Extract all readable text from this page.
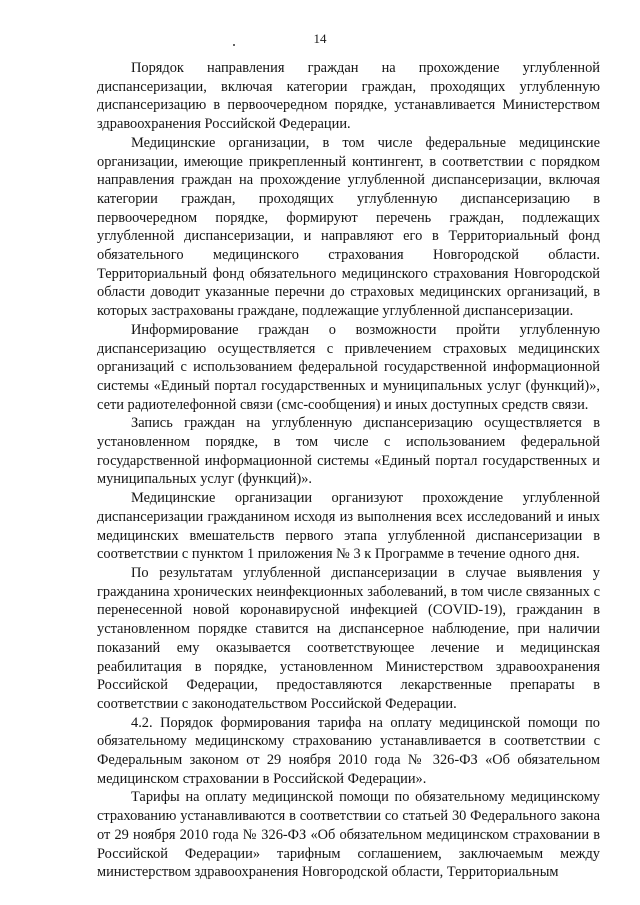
14

Порядок направления граждан на прохождение углубленной диспансеризации, включая категории граждан, проходящих углубленную диспансеризацию в первоочередном порядке, устанавливается Министерством здравоохранения Российской Федерации.

Медицинские организации, в том числе федеральные медицинские организации, имеющие прикрепленный контингент, в соответствии с порядком направления граждан на прохождение углубленной диспансеризации, включая категории граждан, проходящих углубленную диспансеризацию в первоочередном порядке, формируют перечень граждан, подлежащих углубленной диспансеризации, и направляют его в Территориальный фонд обязательного медицинского страхования Новгородской области. Территориальный фонд обязательного медицинского страхования Новгородской области доводит указанные перечни до страховых медицинских организаций, в которых застрахованы граждане, подлежащие углубленной диспансеризации.

Информирование граждан о возможности пройти углубленную диспансеризацию осуществляется с привлечением страховых медицинских организаций с использованием федеральной государственной информационной системы «Единый портал государственных и муниципальных услуг (функций)», сети радиотелефонной связи (смс-сообщения) и иных доступных средств связи.

Запись граждан на углубленную диспансеризацию осуществляется в установленном порядке, в том числе с использованием федеральной государственной информационной системы «Единый портал государственных и муниципальных услуг (функций)».

Медицинские организации организуют прохождение углубленной диспансеризации гражданином исходя из выполнения всех исследований и иных медицинских вмешательств первого этапа углубленной диспансеризации в соответствии с пунктом 1 приложения № 3 к Программе в течение одного дня.

По результатам углубленной диспансеризации в случае выявления у гражданина хронических неинфекционных заболеваний, в том числе связанных с перенесенной новой коронавирусной инфекцией (COVID-19), гражданин в установленном порядке ставится на диспансерное наблюдение, при наличии показаний ему оказывается соответствующее лечение и медицинская реабилитация в порядке, установленном Министерством здравоохранения Российской Федерации, предоставляются лекарственные препараты в соответствии с законодательством Российской Федерации.

4.2. Порядок формирования тарифа на оплату медицинской помощи по обязательному медицинскому страхованию устанавливается в соответствии с Федеральным законом от 29 ноября 2010 года № 326-ФЗ «Об обязательном медицинском страховании в Российской Федерации».

Тарифы на оплату медицинской помощи по обязательному медицинскому страхованию устанавливаются в соответствии со статьей 30 Федерального закона от 29 ноября 2010 года № 326-ФЗ «Об обязательном медицинском страховании в Российской Федерации» тарифным соглашением, заключаемым между министерством здравоохранения Новгородской области, Территориальным
